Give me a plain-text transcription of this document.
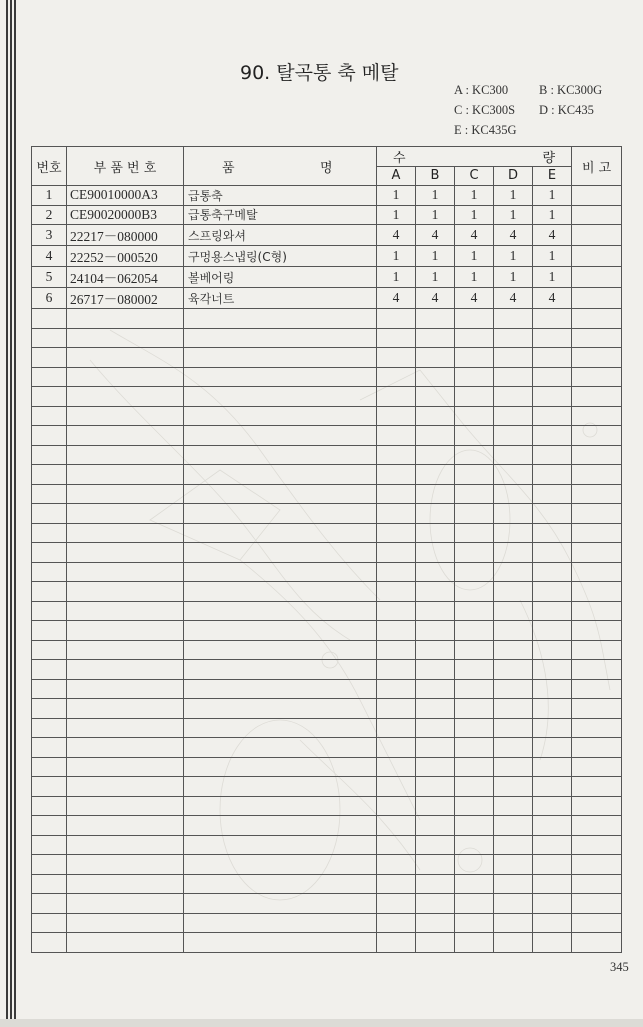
90. 탈곡통 축 메탈
A : KC300	B : KC300G
C : KC300S	D : KC435
E : KC435G
번호	부 품 번 호	품 명	수 량					비 고
			A	B	C	D	E	
1	CE90010000A3	급통축	1	1	1	1	1	
2	CE90020000B3	급통축구메탈	1	1	1	1	1	
3	22217－080000	스프링와셔	4	4	4	4	4	
4	22252－000520	구멍용스냅링(C형)	1	1	1	1	1	
5	24104－062054	볼베어링	1	1	1	1	1	
6	26717－080002	육각너트	4	4	4	4	4	

345
